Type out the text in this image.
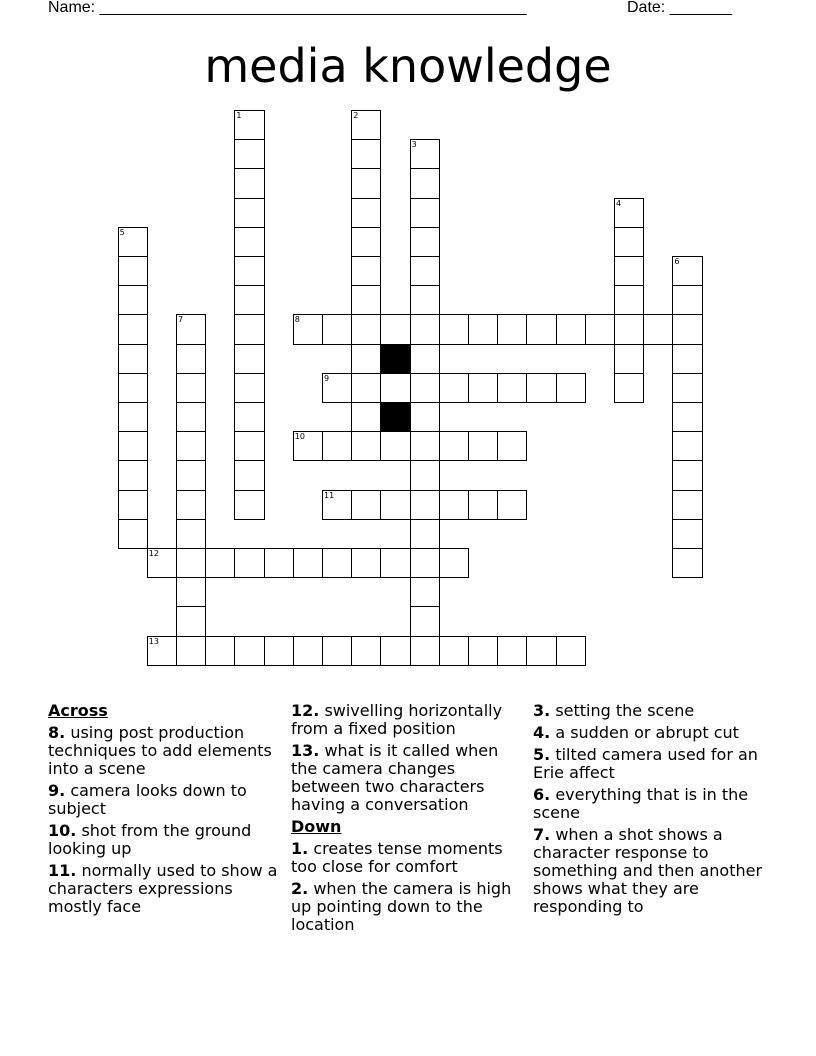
Name: ________________________________________________	Date: _______
media knowledge
1	2
3
4
5
6
7	8
9
10
11
12
13
Across
8. using post production techniques to add elements into a scene
9. camera looks down to subject
10. shot from the ground looking up
11. normally used to show a characters expressions mostly face
12. swivelling horizontally from a fixed position
13. what is it called when the camera changes between two characters having a conversation
Down
1. creates tense moments too close for comfort
2. when the camera is high up pointing down to the location
3. setting the scene
4. a sudden or abrupt cut
5. tilted camera used for an Erie affect
6. everything that is in the scene
7. when a shot shows a character response to something and then another shows what they are responding to
